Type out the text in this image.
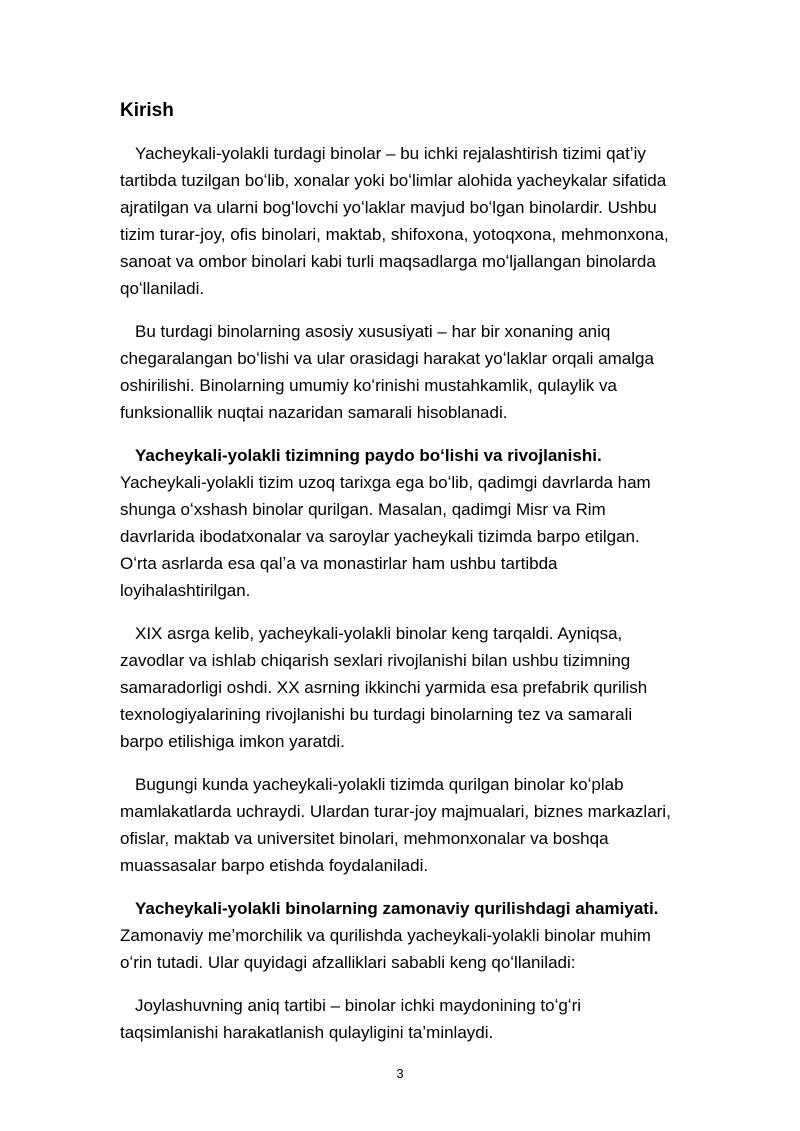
Kirish

Yacheykali-yolakli turdagi binolar – bu ichki rejalashtirish tizimi qatʼiy tartibda tuzilgan boʻlib, xonalar yoki boʻlimlar alohida yacheykalar sifatida ajratilgan va ularni bogʻlovchi yoʻlaklar mavjud boʻlgan binolardir. Ushbu tizim turar-joy, ofis binolari, maktab, shifoxona, yotoqxona, mehmonxona, sanoat va ombor binolari kabi turli maqsadlarga moʻljallangan binolarda qoʻllaniladi.

Bu turdagi binolarning asosiy xususiyati – har bir xonaning aniq chegaralangan boʻlishi va ular orasidagi harakat yoʻlaklar orqali amalga oshirilishi. Binolarning umumiy koʻrinishi mustahkamlik, qulaylik va funksionallik nuqtai nazaridan samarali hisoblanadi.

Yacheykali-yolakli tizimning paydo boʻlishi va rivojlanishi. Yacheykali-yolakli tizim uzoq tarixga ega boʻlib, qadimgi davrlarda ham shunga oʻxshash binolar qurilgan. Masalan, qadimgi Misr va Rim davrlarida ibodatxonalar va saroylar yacheykali tizimda barpo etilgan. Oʻrta asrlarda esa qalʼa va monastirlar ham ushbu tartibda loyihalashtirilgan.

XIX asrga kelib, yacheykali-yolakli binolar keng tarqaldi. Ayniqsa, zavodlar va ishlab chiqarish sexlari rivojlanishi bilan ushbu tizimning samaradorligi oshdi. XX asrning ikkinchi yarmida esa prefabrik qurilish texnologiyalarining rivojlanishi bu turdagi binolarning tez va samarali barpo etilishiga imkon yaratdi.

Bugungi kunda yacheykali-yolakli tizimda qurilgan binolar koʻplab mamlakatlarda uchraydi. Ulardan turar-joy majmualari, biznes markazlari, ofislar, maktab va universitet binolari, mehmonxonalar va boshqa muassasalar barpo etishda foydalaniladi.

Yacheykali-yolakli binolarning zamonaviy qurilishdagi ahamiyati. Zamonaviy meʼmorchilik va qurilishda yacheykali-yolakli binolar muhim oʻrin tutadi. Ular quyidagi afzalliklari sababli keng qoʻllaniladi:

Joylashuvning aniq tartibi – binolar ichki maydonining toʻgʻri taqsimlanishi harakatlanish qulayligini taʼminlaydi.

3
